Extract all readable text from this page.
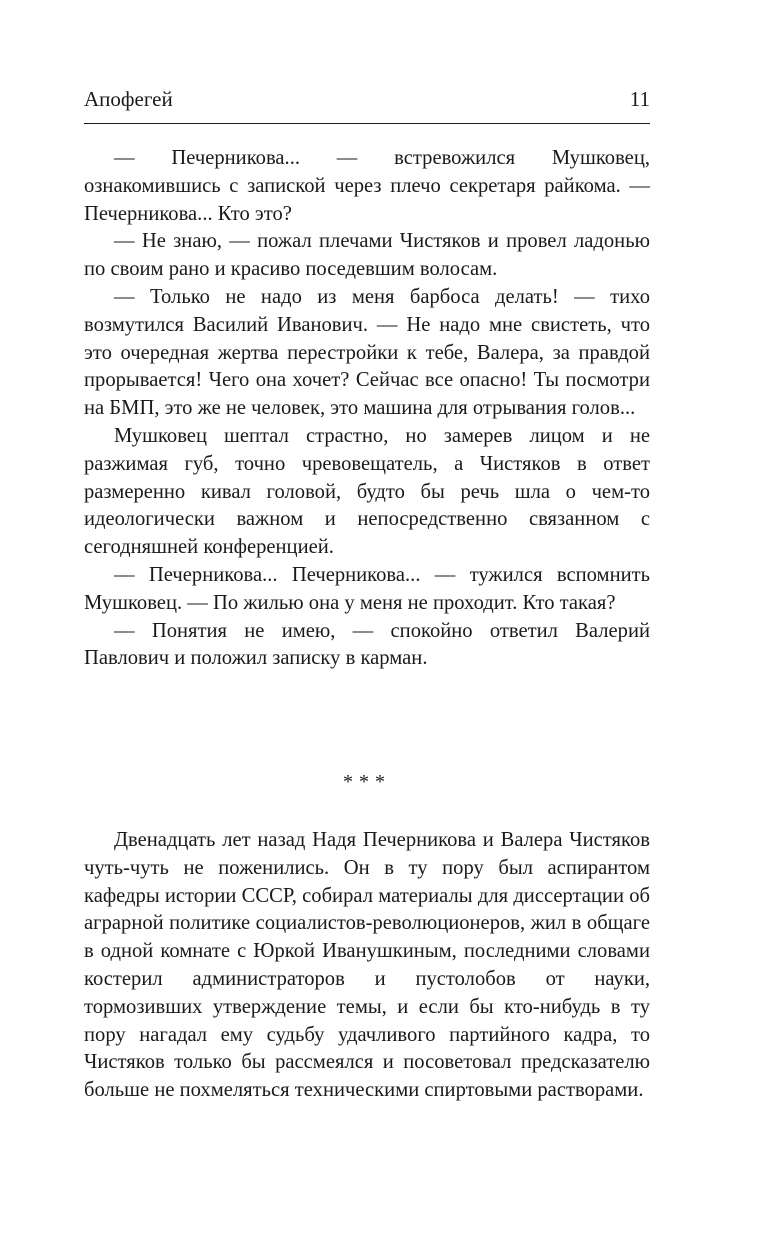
Апофегей	11

— Печерникова... — встревожился Мушковец, ознакомившись с запиской через плечо секретаря райкома. — Печерникова... Кто это?

— Не знаю, — пожал плечами Чистяков и провел ладонью по своим рано и красиво поседевшим волосам.

— Только не надо из меня барбоса делать! — тихо возмутился Василий Иванович. — Не надо мне свистеть, что это очередная жертва перестройки к тебе, Валера, за правдой прорывается! Чего она хочет? Сейчас все опасно! Ты посмотри на БМП, это же не человек, это машина для отрывания голов...

Мушковец шептал страстно, но замерев лицом и не разжимая губ, точно чревовещатель, а Чистяков в ответ размеренно кивал головой, будто бы речь шла о чем-то идеологически важном и непосредственно связанном с сегодняшней конференцией.

— Печерникова... Печерникова... — тужился вспомнить Мушковец. — По жилью она у меня не проходит. Кто такая?

— Понятия не имею, — спокойно ответил Валерий Павлович и положил записку в карман.

***

Двенадцать лет назад Надя Печерникова и Валера Чистяков чуть-чуть не поженились. Он в ту пору был аспирантом кафедры истории СССР, собирал материалы для диссертации об аграрной политике социалистов-революционеров, жил в общаге в одной комнате с Юркой Иванушкиным, последними словами костерил администраторов и пустолобов от науки, тормозивших утверждение темы, и если бы кто-нибудь в ту пору нагадал ему судьбу удачливого партийного кадра, то Чистяков только бы рассмеялся и посоветовал предсказателю больше не похмеляться техническими спиртовыми растворами.
